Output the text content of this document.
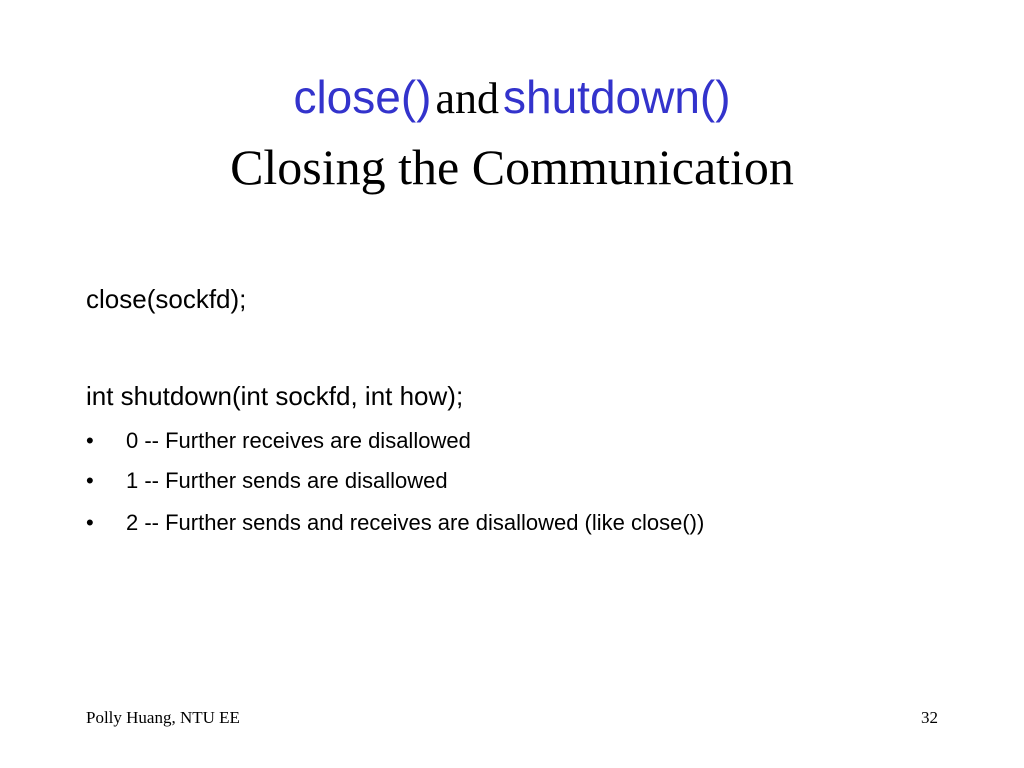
close() and shutdown()
Closing the Communication
close(sockfd);
int shutdown(int sockfd, int how);
• 0 -- Further receives are disallowed
• 1 -- Further sends are disallowed
• 2 -- Further sends and receives are disallowed (like close())
Polly Huang, NTU EE	32
